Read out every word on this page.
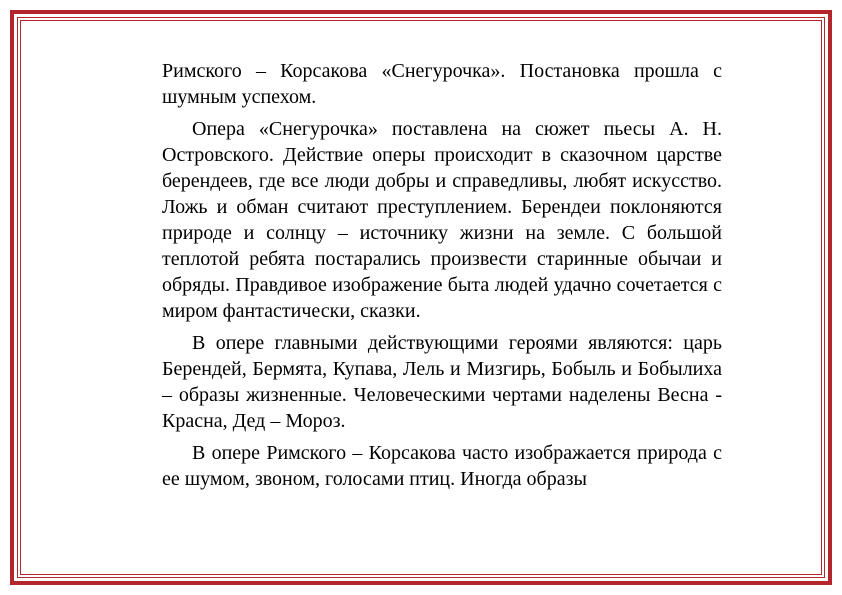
Римского – Корсакова «Снегурочка». Постановка прошла с шумным успехом.

Опера «Снегурочка» поставлена на сюжет пьесы А. Н. Островского. Действие оперы происходит в сказочном царстве берендеев, где все люди добры и справедливы, любят искусство. Ложь и обман считают преступлением. Берендеи поклоняются природе и солнцу – источнику жизни на земле. С большой теплотой ребята постарались произвести старинные обычаи и обряды. Правдивое изображение быта людей удачно сочетается с миром фантастически, сказки.

В опере главными действующими героями являются: царь Берендей, Бермята, Купава, Лель и Мизгирь, Бобыль и Бобылиха – образы жизненные. Человеческими чертами наделены Весна - Красна, Дед – Мороз.

В опере Римского – Корсакова часто изображается природа с ее шумом, звоном, голосами птиц. Иногда образы
